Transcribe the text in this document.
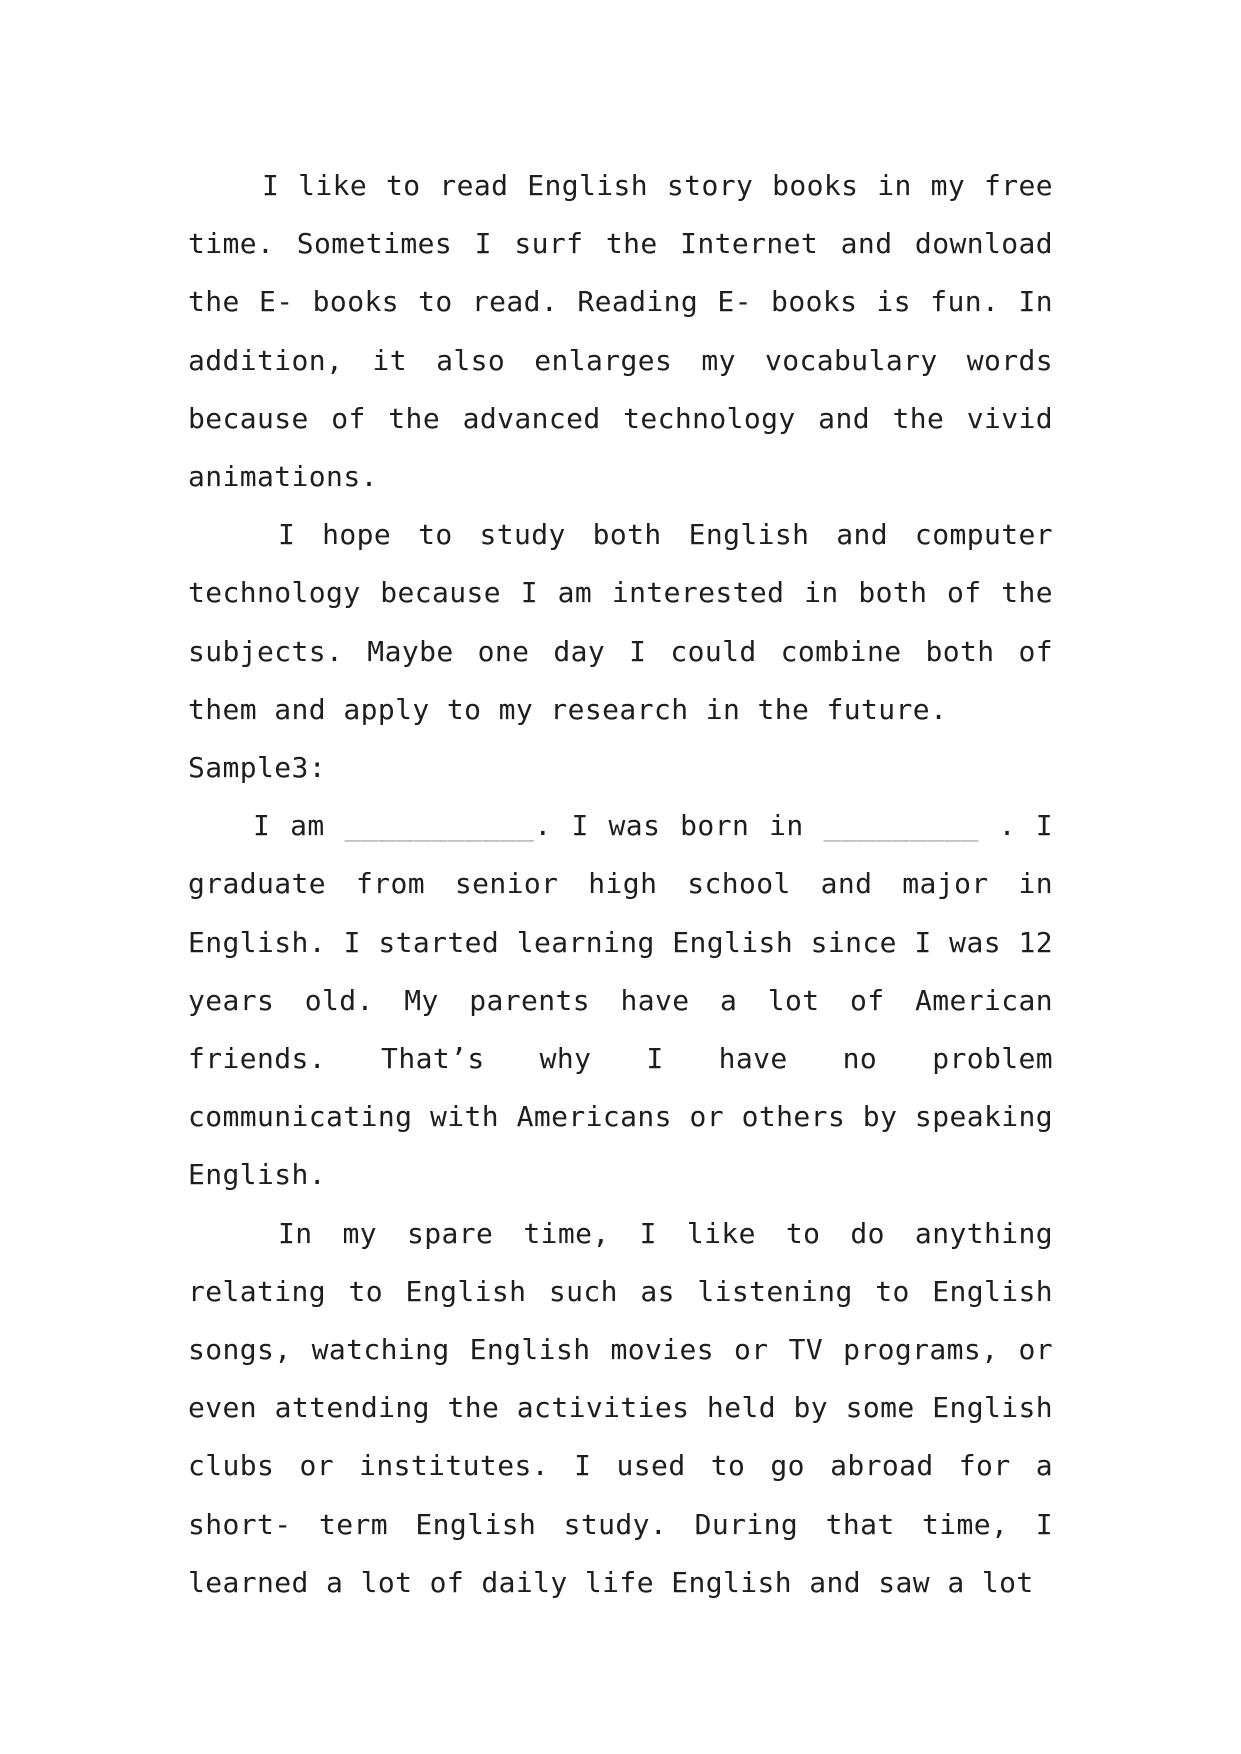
I like to read English story books in my free time. Sometimes I surf the Internet and download the E- books to read. Reading E- books is fun. In addition, it also enlarges my vocabulary words because of the advanced technology and the vivid animations.

I hope to study both English and computer technology because I am interested in both of the subjects. Maybe one day I could combine both of them and apply to my research in the future.

Sample3:

I am ___________. I was born in _________ . I graduate from senior high school and major in English. I started learning English since I was 12 years old. My parents have a lot of American friends. That’s why I have no problem communicating with Americans or others by speaking English.

In my spare time, I like to do anything relating to English such as listening to English songs, watching English movies or TV programs, or even attending the activities held by some English clubs or institutes. I used to go abroad for a short- term English study. During that time, I learned a lot of daily life English and saw a lot
